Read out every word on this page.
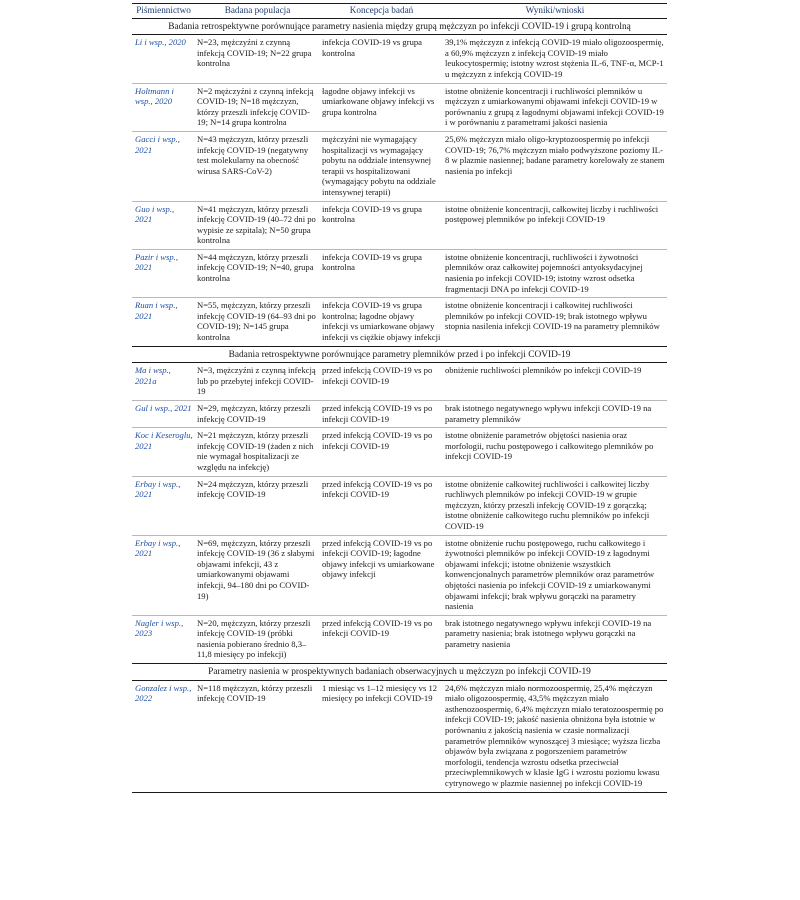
Piśmiennictwo	Badana populacja	Koncepcja badań	Wyniki/wnioski
Badania retrospektywne porównujące parametry nasienia między grupą mężczyzn po infekcji COVID-19 i grupą kontrolną			
Li i wsp., 2020	N=23, mężczyźni z czynną infekcją COVID-19; N=22 grupa kontrolna	infekcja COVID-19 vs grupa kontrolna	39,1% mężczyzn z infekcją COVID-19 miało oligozoospermię, a 60,9% mężczyzn z infekcją COVID-19 miało leukocytospermię; istotny wzrost stężenia IL-6, TNF-α, MCP-1 u mężczyzn z infekcją COVID-19
Holtmann i wsp., 2020	N=2 mężczyźni z czynną infekcją COVID-19; N=18 mężczyzn, którzy przeszli infekcję COVID-19; N=14 grupa kontrolna	łagodne objawy infekcji vs umiarkowane objawy infekcji vs grupa kontrolna	istotne obniżenie koncentracji i ruchliwości plemników u mężczyzn z umiarkowanymi objawami infekcji COVID-19 w porównaniu z grupą z łagodnymi objawami infekcji COVID-19 i w porównaniu z parametrami jakości nasienia
Gacci i wsp., 2021	N=43 mężczyzn, którzy przeszli infekcję COVID-19 (negatywny test molekularny na obecność wirusa SARS-CoV-2)	mężczyźni nie wymagający hospitalizacji vs wymagający pobytu na oddziale intensywnej terapii vs hospitalizowani (wymagający pobytu na oddziale intensywnej terapii)	25,6% mężczyzn miało oligo-kryptozoospermię po infekcji COVID-19; 76,7% mężczyzn miało podwyższone poziomy IL-8 w plazmie nasiennej; badane parametry korelowały ze stanem nasienia po infekcji
Guo i wsp., 2021	N=41 mężczyzn, którzy przeszli infekcję COVID-19 (40–72 dni po wypisie ze szpitala); N=50 grupa kontrolna	infekcja COVID-19 vs grupa kontrolna	istotne obniżenie koncentracji, całkowitej liczby i ruchliwości postępowej plemników po infekcji COVID-19
Pazir i wsp., 2021	N=44 mężczyzn, którzy przeszli infekcję COVID-19; N=40, grupa kontrolna	infekcja COVID-19 vs grupa kontrolna	istotne obniżenie koncentracji, ruchliwości i żywotności plemników oraz całkowitej pojemności antyoksydacyjnej nasienia po infekcji COVID-19; istotny wzrost odsetka fragmentacji DNA po infekcji COVID-19
Ruan i wsp., 2021	N=55, mężczyzn, którzy przeszli infekcję COVID-19 (64–93 dni po COVID-19); N=145 grupa kontrolna	infekcja COVID-19 vs grupa kontrolna; łagodne objawy infekcji vs umiarkowane objawy infekcji vs ciężkie objawy infekcji	istotne obniżenie koncentracji i całkowitej ruchliwości plemników po infekcji COVID-19; brak istotnego wpływu stopnia nasilenia infekcji COVID-19 na parametry plemników
Badania retrospektywne porównujące parametry plemników przed i po infekcji COVID-19			
Ma i wsp., 2021a	N=3, mężczyźni z czynną infekcją lub po przebytej infekcji COVID-19	przed infekcją COVID-19 vs po infekcji COVID-19	obniżenie ruchliwości plemników po infekcji COVID-19
Gul i wsp., 2021	N=29, mężczyzn, którzy przeszli infekcję COVID-19	przed infekcją COVID-19 vs po infekcji COVID-19	brak istotnego negatywnego wpływu infekcji COVID-19 na parametry plemników
Koc i Keseroglu, 2021	N=21 mężczyzn, którzy przeszli infekcję COVID-19 (żaden z nich nie wymagał hospitalizacji ze względu na infekcję)	przed infekcją COVID-19 vs po infekcji COVID-19	istotne obniżenie parametrów objętości nasienia oraz morfologii, ruchu postępowego i całkowitego plemników po infekcji COVID-19
Erbay i wsp., 2021	N=24 mężczyzn, którzy przeszli infekcję COVID-19	przed infekcją COVID-19 vs po infekcji COVID-19	istotne obniżenie całkowitej ruchliwości i całkowitej liczby ruchliwych plemników po infekcji COVID-19 w grupie mężczyzn, którzy przeszli infekcję COVID-19 z gorączką; istotne obniżenie całkowitego ruchu plemników po infekcji COVID-19
Erbay i wsp., 2021	N=69, mężczyzn, którzy przeszli infekcję COVID-19 (36 z słabymi objawami infekcji, 43 z umiarkowanymi objawami infekcji, 94–180 dni po COVID-19)	przed infekcją COVID-19 vs po infekcji COVID-19; łagodne objawy infekcji vs umiarkowane objawy infekcji	istotne obniżenie ruchu postępowego, ruchu całkowitego i żywotności plemników po infekcji COVID-19 z łagodnymi objawami infekcji; istotne obniżenie wszystkich konwencjonalnych parametrów plemników oraz parametrów objętości nasienia po infekcji COVID-19 z umiarkowanymi objawami infekcji; brak wpływu gorączki na parametry nasienia
Nagler i wsp., 2023	N=20, mężczyzn, którzy przeszli infekcję COVID-19 (próbki nasienia pobierano średnio 8,3–11,8 miesięcy po infekcji)	przed infekcją COVID-19 vs po infekcji COVID-19	brak istotnego negatywnego wpływu infekcji COVID-19 na parametry nasienia; brak istotnego wpływu gorączki na parametry nasienia
Parametry nasienia w prospektywnych badaniach obserwacyjnych u mężczyzn po infekcji COVID-19			
Gonzalez i wsp., 2022	N=118 mężczyzn, którzy przeszli infekcję COVID-19	1 miesiąc vs 1–12 miesięcy vs 12 miesięcy po infekcji COVID-19	24,6% mężczyzn miało normozoospermię, 25,4% mężczyzn miało oligozoospermię, 43,5% mężczyzn miało asthenozoospermię, 6,4% mężczyzn miało teratozoospermię po infekcji COVID-19; jakość nasienia obniżona była istotnie w porównaniu z jakością nasienia w czasie normalizacji parametrów plemników wynoszącej 3 miesiące; wyższa liczba objawów była związana z pogorszeniem parametrów morfologii, tendencja wzrostu odsetka przeciwciał przeciwplemnikowych w klasie IgG i wzrostu poziomu kwasu cytrynowego w plazmie nasiennej po infekcji COVID-19
